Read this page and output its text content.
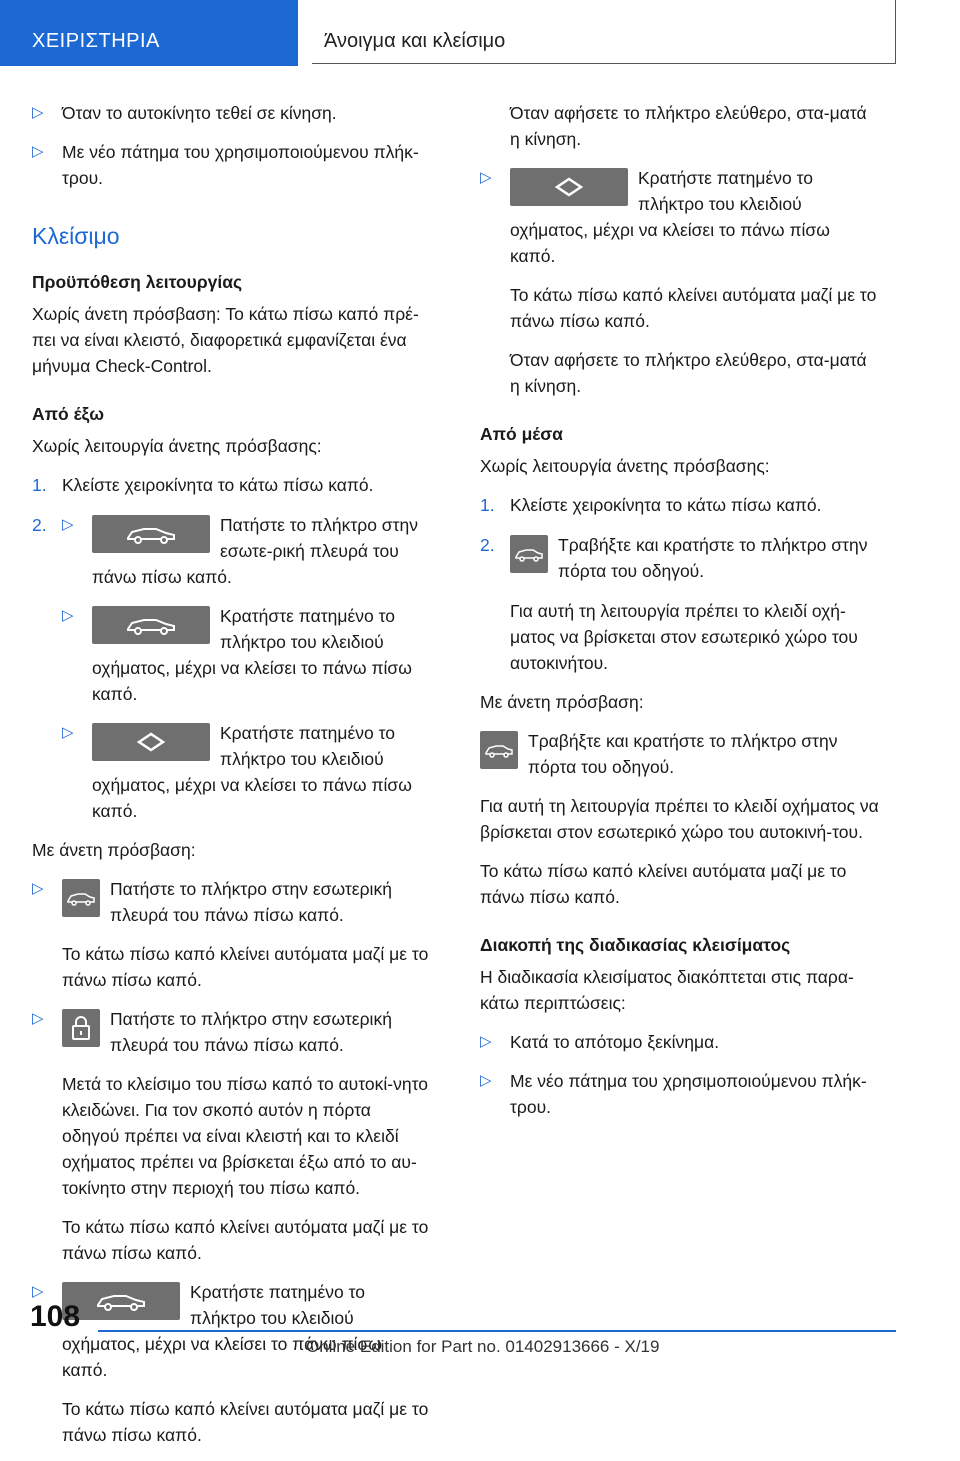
ΧΕΙΡΙΣΤΗΡΙΑ	Άνοιγμα και κλείσιμο
▷ Όταν το αυτοκίνητο τεθεί σε κίνηση.
▷ Με νέο πάτημα του χρησιμοποιούμενου πλήκ-τρου.
Κλείσιμο
Προϋπόθεση λειτουργίας

Χωρίς άνετη πρόσβαση: Το κάτω πίσω καπό πρέ-πει να είναι κλειστό, διαφορετικά εμφανίζεται ένα μήνυμα Check-Control.

Από έξω

Χωρίς λειτουργία άνετης πρόσβασης:

1. Κλείστε χειροκίνητα το κάτω πίσω καπό.
2. ▷	Πατήστε το πλήκτρο στην εσωτε-ρική πλευρά του πάνω πίσω καπό.
▷	Κρατήστε πατημένο το πλήκτρο του κλειδιού οχήματος, μέχρι να κλείσει το πάνω πίσω καπό.
▷	Κρατήστε πατημένο το πλήκτρο του κλειδιού οχήματος, μέχρι να κλείσει το πάνω πίσω καπό.

Με άνετη πρόσβαση:

▷	Πατήστε το πλήκτρο στην εσωτερική πλευρά του πάνω πίσω καπό.

Το κάτω πίσω καπό κλείνει αυτόματα μαζί με το πάνω πίσω καπό.

▷	Πατήστε το πλήκτρο στην εσωτερική πλευρά του πάνω πίσω καπό.

Μετά το κλείσιμο του πίσω καπό το αυτοκί-νητο κλειδώνει. Για τον σκοπό αυτόν η πόρτα οδηγού πρέπει να είναι κλειστή και το κλειδί οχήματος πρέπει να βρίσκεται έξω από το αυ-τοκίνητο στην περιοχή του πίσω καπό.

Το κάτω πίσω καπό κλείνει αυτόματα μαζί με το πάνω πίσω καπό.

▷	Κρατήστε πατημένο το πλήκτρο του κλειδιού οχήματος, μέχρι να κλείσει το πάνω πίσω καπό.

Το κάτω πίσω καπό κλείνει αυτόματα μαζί με το πάνω πίσω καπό.

Όταν αφήσετε το πλήκτρο ελεύθερο, στα-ματά η κίνηση.

▷	Κρατήστε πατημένο το πλήκτρο του κλειδιού οχήματος, μέχρι να κλείσει το πάνω πίσω καπό.

Το κάτω πίσω καπό κλείνει αυτόματα μαζί με το πάνω πίσω καπό.

Όταν αφήσετε το πλήκτρο ελεύθερο, στα-ματά η κίνηση.

Από μέσα

Χωρίς λειτουργία άνετης πρόσβασης:

1. Κλείστε χειροκίνητα το κάτω πίσω καπό.
2.	Τραβήξτε και κρατήστε το πλήκτρο στην πόρτα του οδηγού.

Για αυτή τη λειτουργία πρέπει το κλειδί οχή-ματος να βρίσκεται στον εσωτερικό χώρο του αυτοκινήτου.

Με άνετη πρόσβαση:

Τραβήξτε και κρατήστε το πλήκτρο στην πόρτα του οδηγού.

Για αυτή τη λειτουργία πρέπει το κλειδί οχήματος να βρίσκεται στον εσωτερικό χώρο του αυτοκινή-του.

Το κάτω πίσω καπό κλείνει αυτόματα μαζί με το πάνω πίσω καπό.

Διακοπή της διαδικασίας κλεισίματος

Η διαδικασία κλεισίματος διακόπτεται στις παρα-κάτω περιπτώσεις:

▷ Κατά το απότομο ξεκίνημα.
▷ Με νέο πάτημα του χρησιμοποιούμενου πλήκ-τρου.
108
Online Edition for Part no. 01402913666 - X/19
